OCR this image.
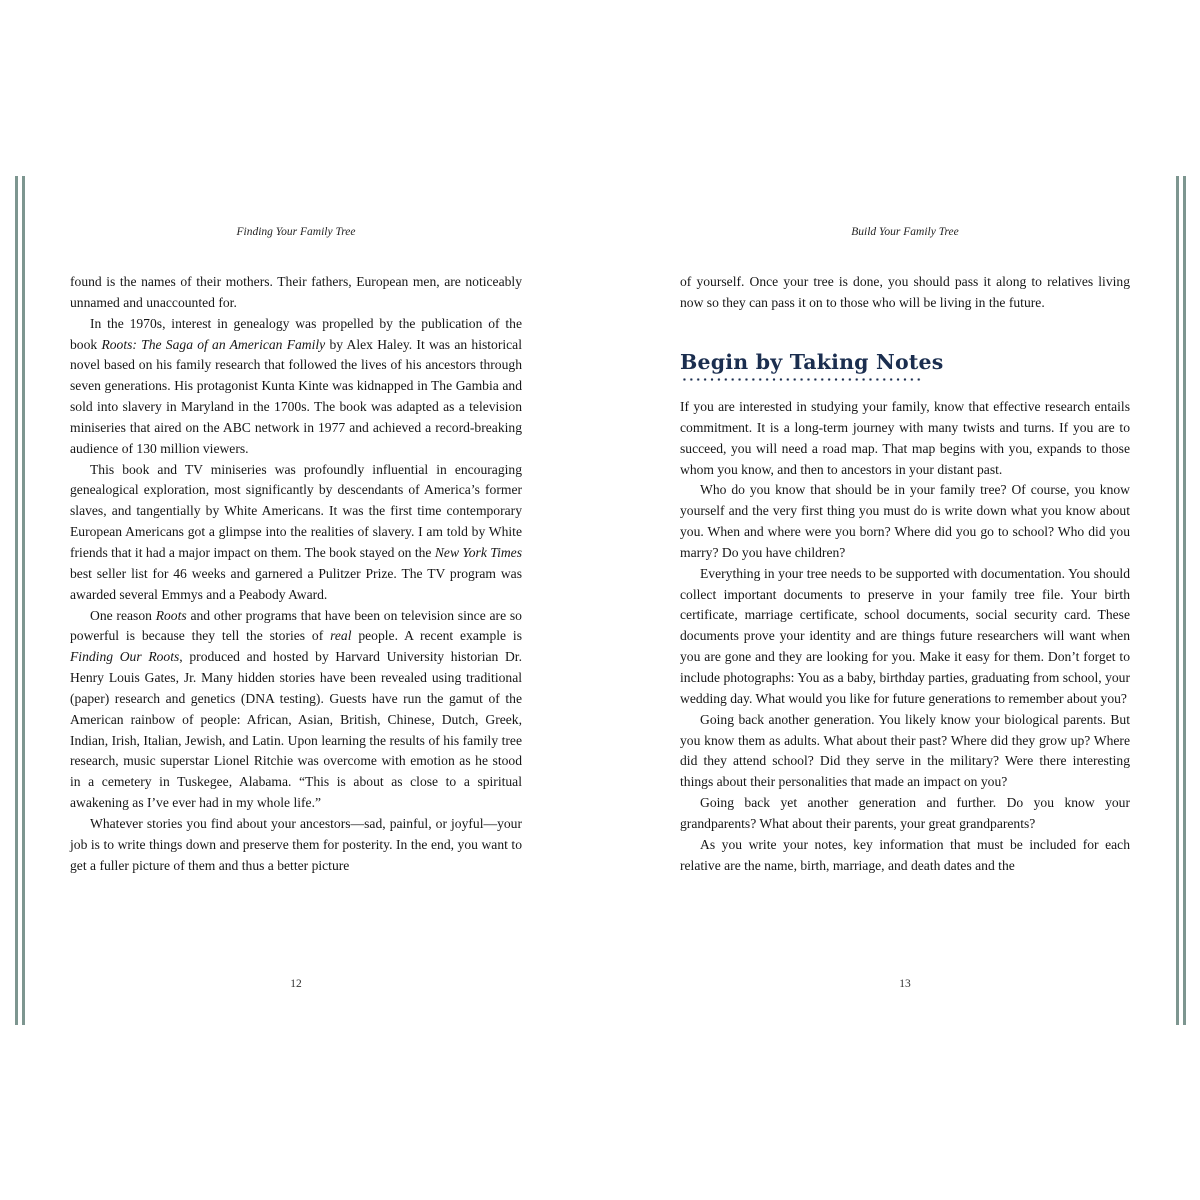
Finding Your Family Tree

found is the names of their mothers. Their fathers, European men, are noticeably unnamed and unaccounted for.

In the 1970s, interest in genealogy was propelled by the publication of the book Roots: The Saga of an American Family by Alex Haley. It was an historical novel based on his family research that followed the lives of his ancestors through seven generations. His protagonist Kunta Kinte was kidnapped in The Gambia and sold into slavery in Maryland in the 1700s. The book was adapted as a television miniseries that aired on the ABC network in 1977 and achieved a record-breaking audience of 130 million viewers.

This book and TV miniseries was profoundly influential in encouraging genealogical exploration, most significantly by descendants of America’s former slaves, and tangentially by White Americans. It was the first time contemporary European Americans got a glimpse into the realities of slavery. I am told by White friends that it had a major impact on them. The book stayed on the New York Times best seller list for 46 weeks and garnered a Pulitzer Prize. The TV program was awarded several Emmys and a Peabody Award.

One reason Roots and other programs that have been on television since are so powerful is because they tell the stories of real people. A recent example is Finding Our Roots, produced and hosted by Harvard University historian Dr. Henry Louis Gates, Jr. Many hidden stories have been revealed using traditional (paper) research and genetics (DNA testing). Guests have run the gamut of the American rainbow of people: African, Asian, British, Chinese, Dutch, Greek, Indian, Irish, Italian, Jewish, and Latin. Upon learning the results of his family tree research, music superstar Lionel Ritchie was overcome with emotion as he stood in a cemetery in Tuskegee, Alabama. “This is about as close to a spiritual awakening as I’ve ever had in my whole life.”

Whatever stories you find about your ancestors—sad, painful, or joyful—your job is to write things down and preserve them for posterity. In the end, you want to get a fuller picture of them and thus a better picture

12
Build Your Family Tree

of yourself. Once your tree is done, you should pass it along to relatives living now so they can pass it on to those who will be living in the future.

Begin by Taking Notes

If you are interested in studying your family, know that effective research entails commitment. It is a long-term journey with many twists and turns. If you are to succeed, you will need a road map. That map begins with you, expands to those whom you know, and then to ancestors in your distant past.

Who do you know that should be in your family tree? Of course, you know yourself and the very first thing you must do is write down what you know about you. When and where were you born? Where did you go to school? Who did you marry? Do you have children?

Everything in your tree needs to be supported with documentation. You should collect important documents to preserve in your family tree file. Your birth certificate, marriage certificate, school documents, social security card. These documents prove your identity and are things future researchers will want when you are gone and they are looking for you. Make it easy for them. Don’t forget to include photographs: You as a baby, birthday parties, graduating from school, your wedding day. What would you like for future generations to remember about you?

Going back another generation. You likely know your biological parents. But you know them as adults. What about their past? Where did they grow up? Where did they attend school? Did they serve in the military? Were there interesting things about their personalities that made an impact on you?

Going back yet another generation and further. Do you know your grandparents? What about their parents, your great grandparents?

As you write your notes, key information that must be included for each relative are the name, birth, marriage, and death dates and the

13
